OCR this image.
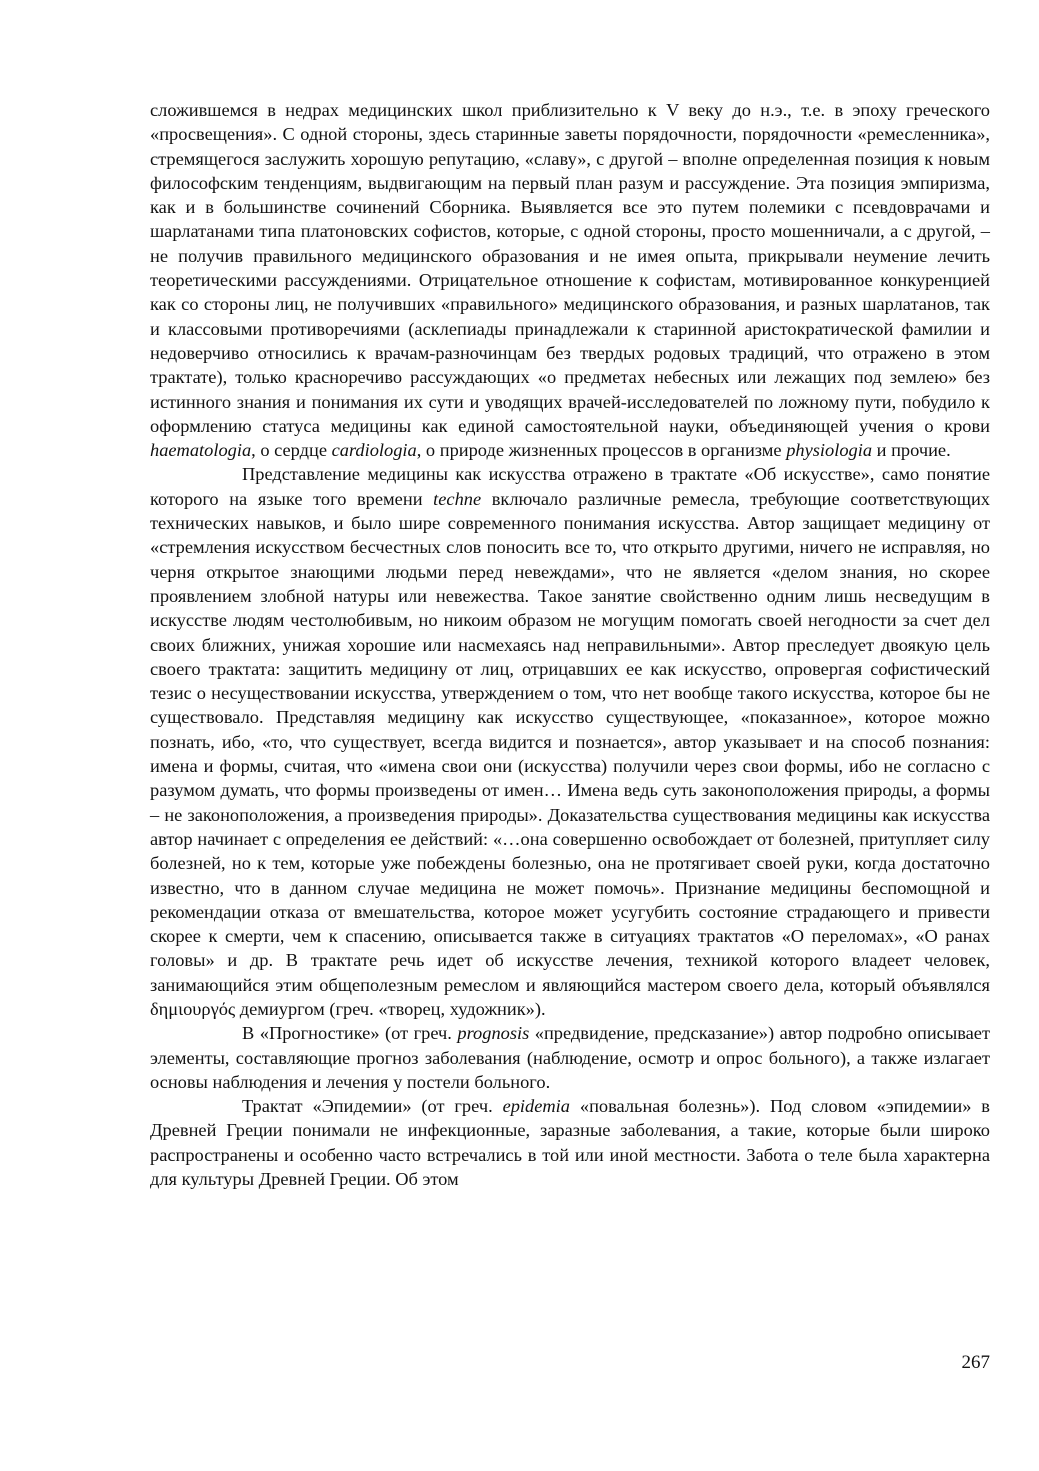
сложившемся в недрах медицинских школ приблизительно к V веку до н.э., т.е. в эпоху греческого «просвещения». С одной стороны, здесь старинные заветы порядочности, порядочности «ремесленника», стремящегося заслужить хорошую репутацию, «славу», с другой – вполне определенная позиция к новым философским тенденциям, выдвигающим на первый план разум и рассуждение. Эта позиция эмпиризма, как и в большинстве сочинений Сборника. Выявляется все это путем полемики с псевдоврачами и шарлатанами типа платоновских софистов, которые, с одной стороны, просто мошенничали, а с другой, – не получив правильного медицинского образования и не имея опыта, прикрывали неумение лечить теоретическими рассуждениями. Отрицательное отношение к софистам, мотивированное конкуренцией как со стороны лиц, не получивших «правильного» медицинского образования, и разных шарлатанов, так и классовыми противоречиями (асклепиады принадлежали к старинной аристократической фамилии и недоверчиво относились к врачам-разночинцам без твердых родовых традиций, что отражено в этом трактате), только красноречиво рассуждающих «о предметах небесных или лежащих под землею» без истинного знания и понимания их сути и уводящих врачей-исследователей по ложному пути, побудило к оформлению статуса медицины как единой самостоятельной науки, объединяющей учения о крови haematologia, о сердце cardiologia, о природе жизненных процессов в организме physiologia и прочие.

Представление медицины как искусства отражено в трактате «Об искусстве», само понятие которого на языке того времени techne включало различные ремесла, требующие соответствующих технических навыков, и было шире современного понимания искусства. Автор защищает медицину от «стремления искусством бесчестных слов поносить все то, что открыто другими, ничего не исправляя, но черня открытое знающими людьми перед невеждами», что не является «делом знания, но скорее проявлением злобной натуры или невежества. Такое занятие свойственно одним лишь несведущим в искусстве людям честолюбивым, но никоим образом не могущим помогать своей негодности за счет дел своих ближних, унижая хорошие или насмехаясь над неправильными». Автор преследует двоякую цель своего трактата: защитить медицину от лиц, отрицавших ее как искусство, опровергая софистический тезис о несуществовании искусства, утверждением о том, что нет вообще такого искусства, которое бы не существовало. Представляя медицину как искусство существующее, «показанное», которое можно познать, ибо, «то, что существует, всегда видится и познается», автор указывает и на способ познания: имена и формы, считая, что «имена свои они (искусства) получили через свои формы, ибо не согласно с разумом думать, что формы произведены от имен… Имена ведь суть законоположения природы, а формы – не законоположения, а произведения природы». Доказательства существования медицины как искусства автор начинает с определения ее действий: «…она совершенно освобождает от болезней, притупляет силу болезней, но к тем, которые уже побеждены болезнью, она не протягивает своей руки, когда достаточно известно, что в данном случае медицина не может помочь». Признание медицины беспомощной и рекомендации отказа от вмешательства, которое может усугубить состояние страдающего и привести скорее к смерти, чем к спасению, описывается также в ситуациях трактатов «О переломах», «О ранах головы» и др. В трактате речь идет об искусстве лечения, техникой которого владеет человек, занимающийся этим общеполезным ремеслом и являющийся мастером своего дела, который объявлялся δημιουργός демиургом (греч. «творец, художник»).

В «Прогностике» (от греч. prognosis «предвидение, предсказание») автор подробно описывает элементы, составляющие прогноз заболевания (наблюдение, осмотр и опрос больного), а также излагает основы наблюдения и лечения у постели больного.

Трактат «Эпидемии» (от греч. epidemia «повальная болезнь»). Под словом «эпидемии» в Древней Греции понимали не инфекционные, заразные заболевания, а такие, которые были широко распространены и особенно часто встречались в той или иной местности. Забота о теле была характерна для культуры Древней Греции. Об этом

267
